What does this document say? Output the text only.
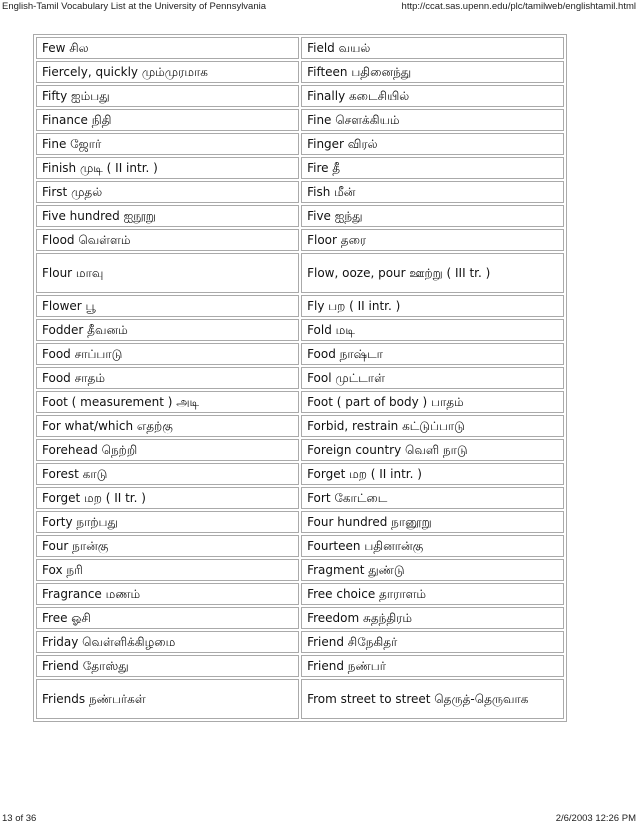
English-Tamil Vocabulary List at the University of Pennsylvania	http://ccat.sas.upenn.edu/plc/tamilweb/englishtamil.html
Few சில	Field வயல்
Fiercely, quickly மும்முரமாக	Fifteen பதினைந்து
Fifty ஐம்பது	Finally கடைசியில்
Finance நிதி	Fine சௌக்கியம்
Fine ஜோர்	Finger விரல்
Finish முடி ( II intr. )	Fire தீ
First முதல்	Fish மீன்
Five hundred ஐநூறு	Five ஐந்து
Flood வெள்ளம்	Floor தரை
Flour மாவு	Flow, ooze, pour ஊற்று ( III tr. )
Flower பூ	Fly பற ( II intr. )
Fodder தீவனம்	Fold மடி
Food சாப்பாடு	Food நாஷ்டா
Food சாதம்	Fool முட்டாள்
Foot ( measurement ) அடி	Foot ( part of body ) பாதம்
For what/which எதற்கு	Forbid, restrain கட்டுப்பாடு
Forehead நெற்றி	Foreign country வெளி நாடு
Forest காடு	Forget மற ( II intr. )
Forget மற ( II tr. )	Fort கோட்டை
Forty நாற்பது	Four hundred நானூறு
Four நான்கு	Fourteen பதினான்கு
Fox நரி	Fragment துண்டு
Fragrance மணம்	Free choice தாராளம்
Free ஓசி	Freedom சுதந்திரம்
Friday வெள்ளிக்கிழமை	Friend சிநேகிதர்
Friend தோஸ்து	Friend நண்பர்
Friends நண்பர்கள்	From street to street தெருத்-தெருவாக
13 of 36	2/6/2003 12:26 PM
